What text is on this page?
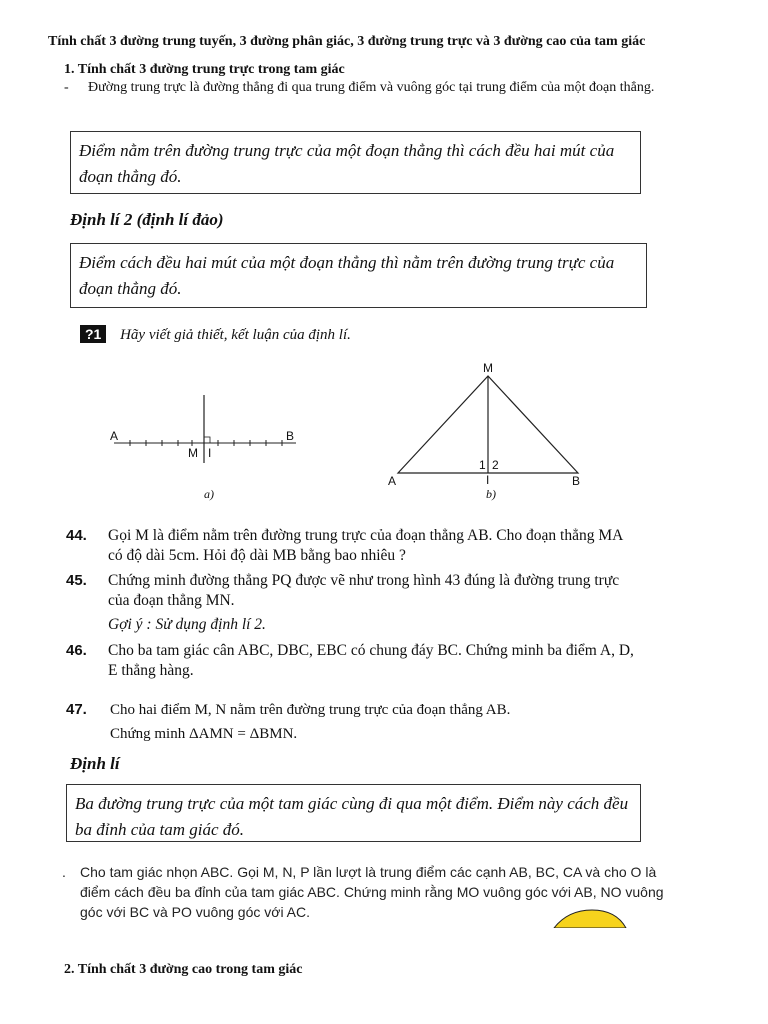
Tính chất 3 đường trung tuyến, 3 đường phân giác, 3 đường trung trực và 3 đường cao của tam giác
1. Tính chất 3 đường trung trực trong tam giác
- Đường trung trực là đường thẳng đi qua trung điểm và vuông góc tại trung điểm của một đoạn thẳng.
Điểm nằm trên đường trung trực của một đoạn thẳng thì cách đều hai mút của đoạn thẳng đó.
Định lí 2 (định lí đảo)
Điểm cách đều hai mút của một đoạn thẳng thì nằm trên đường trung trực của đoạn thẳng đó.
?1 Hãy viết giả thiết, kết luận của định lí.
A	B
M I
a)
M
A	B
I
1 2
b)
44. Gọi M là điểm nằm trên đường trung trực của đoạn thẳng AB. Cho đoạn thẳng MA có độ dài 5cm. Hỏi độ dài MB bằng bao nhiêu ?
45. Chứng minh đường thẳng PQ được vẽ như trong hình 43 đúng là đường trung trực của đoạn thẳng MN.
Gợi ý : Sử dụng định lí 2.
46. Cho ba tam giác cân ABC, DBC, EBC có chung đáy BC. Chứng minh ba điểm A, D, E thẳng hàng.
47. Cho hai điểm M, N nằm trên đường trung trực của đoạn thẳng AB.
Chứng minh ΔAMN = ΔBMN.
Định lí
Ba đường trung trực của một tam giác cùng đi qua một điểm. Điểm này cách đều ba đỉnh của tam giác đó.
. Cho tam giác nhọn ABC. Gọi M, N, P lần lượt là trung điểm các cạnh AB, BC, CA và cho O là điểm cách đều ba đỉnh của tam giác ABC. Chứng minh rằng MO vuông góc với AB, NO vuông góc với BC và PO vuông góc với AC.
2. Tính chất 3 đường cao trong tam giác
